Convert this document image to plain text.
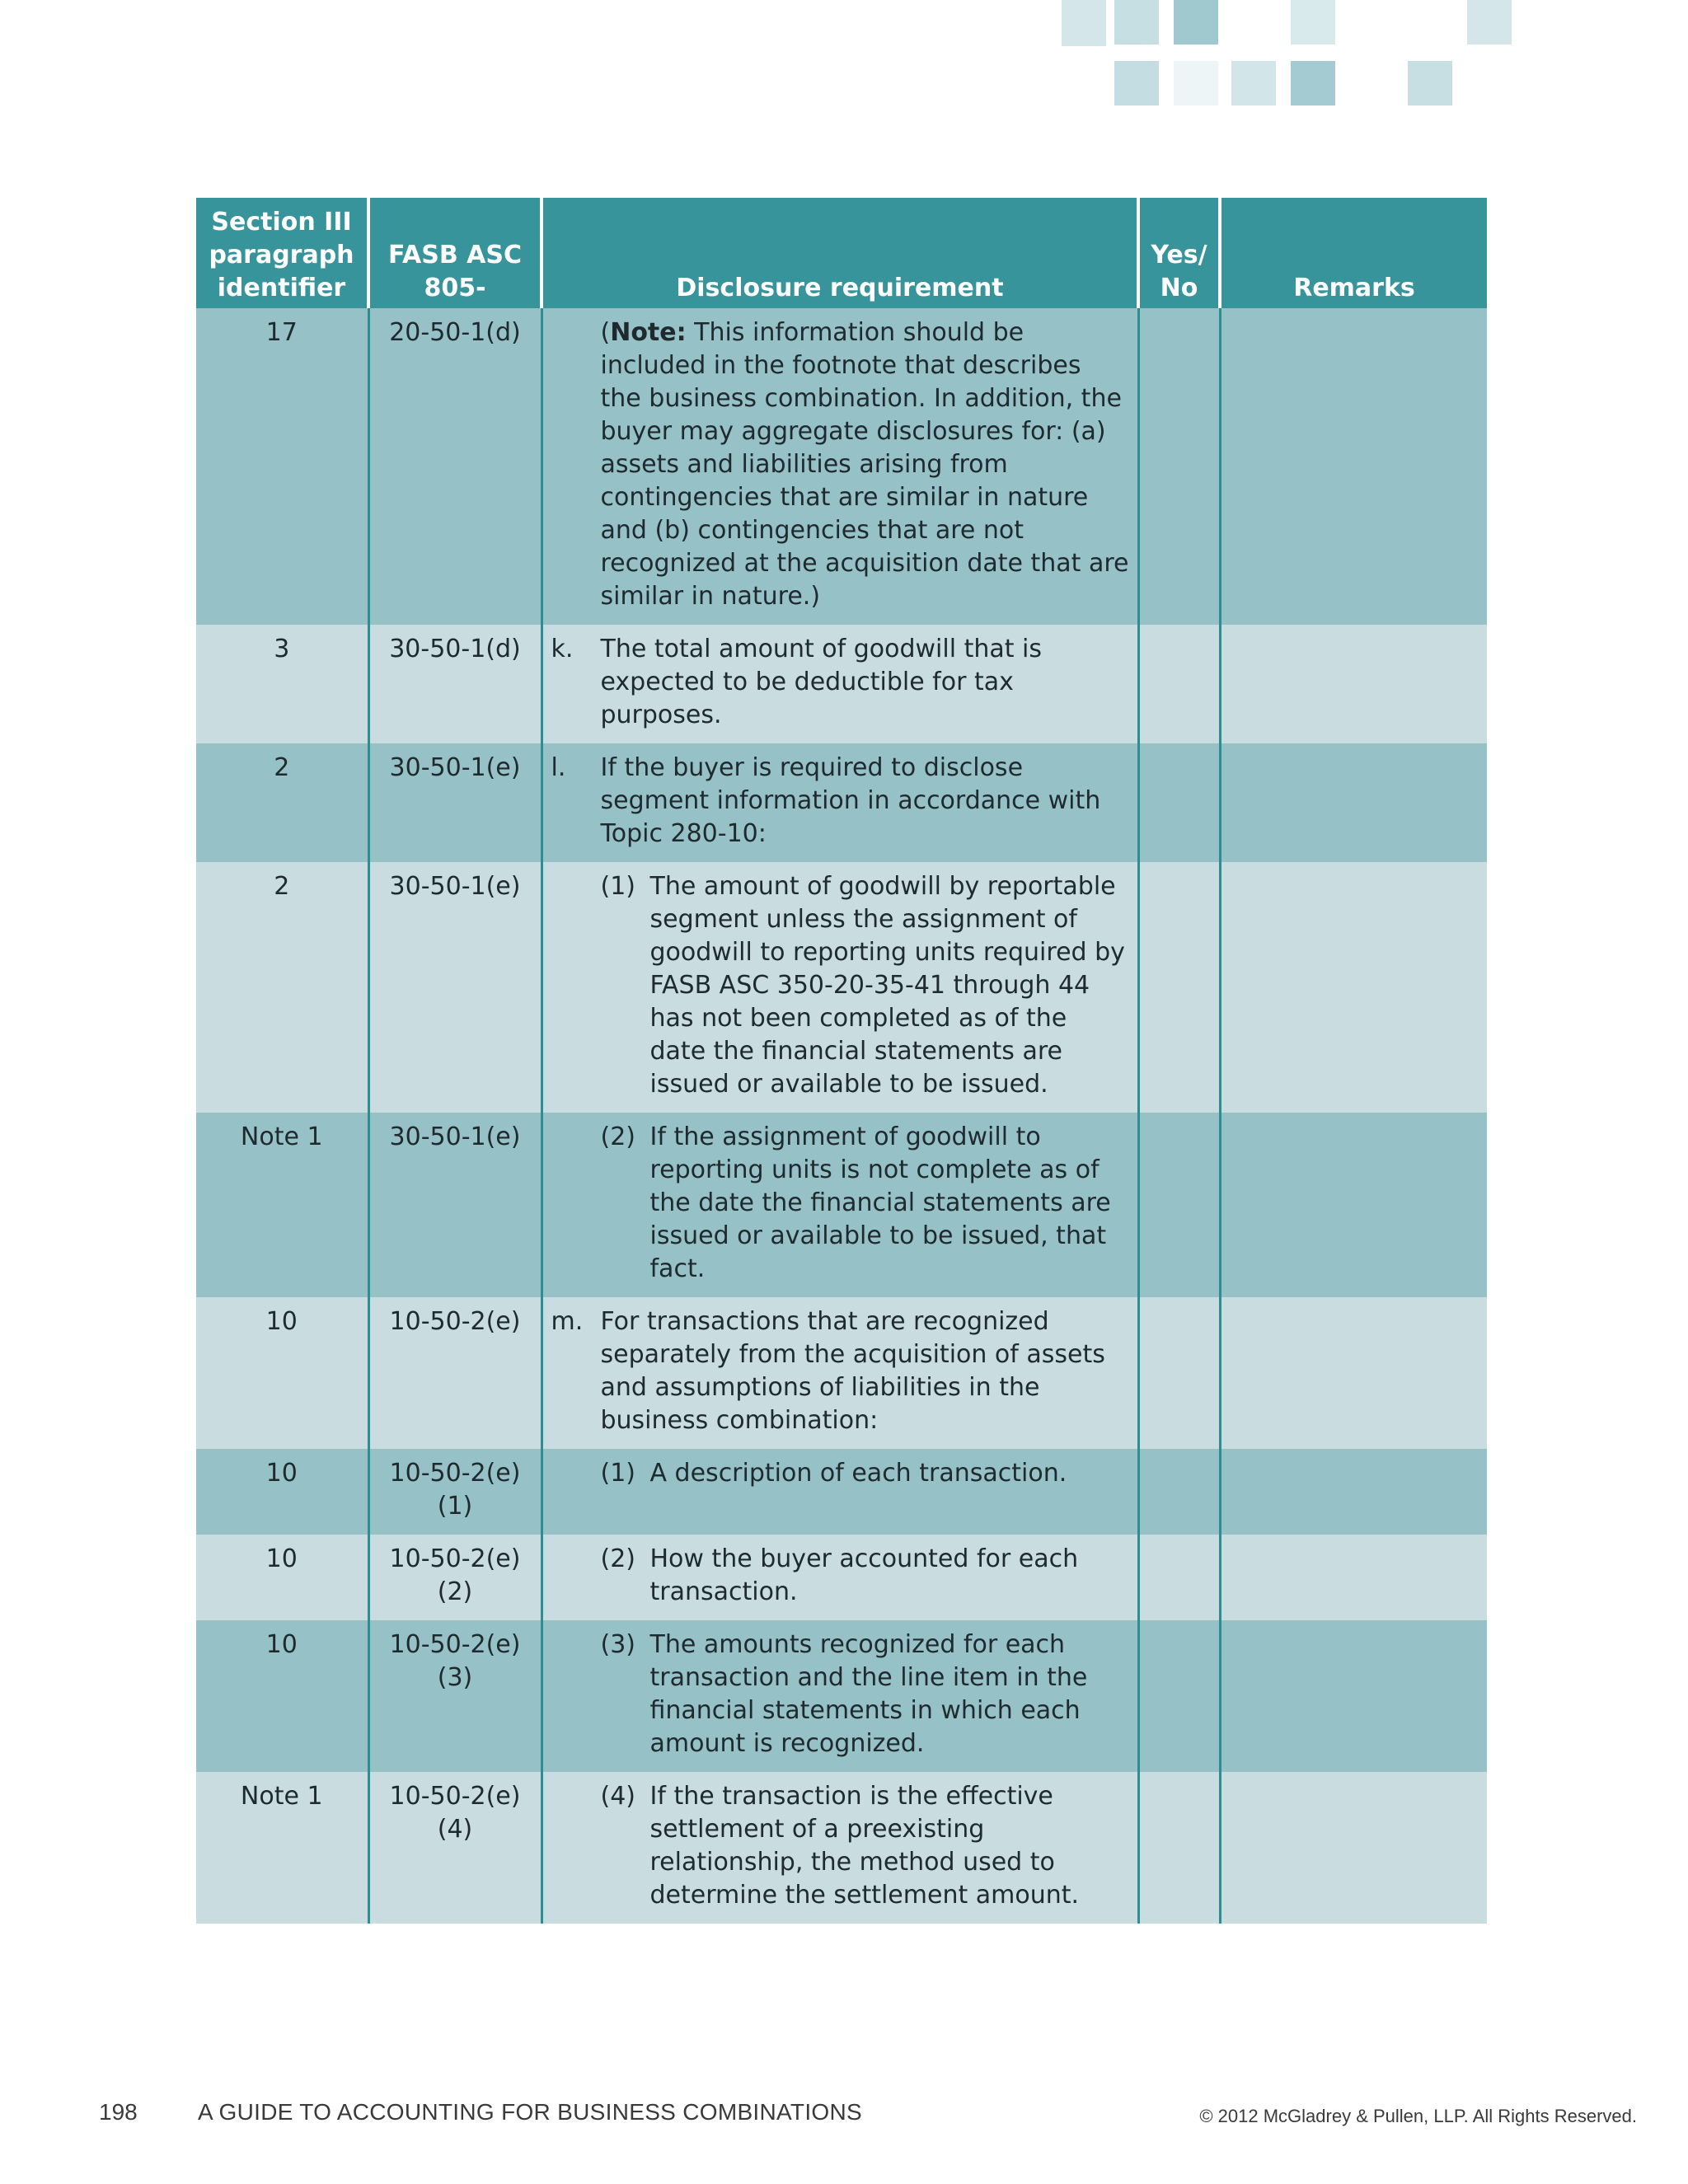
Section III paragraph identifier	FASB ASC 805-	Disclosure requirement	Yes/ No	Remarks
17	20-50-1(d)	(Note: This information should be included in the footnote that describes the business combination. In addition, the buyer may aggregate disclosures for: (a) assets and liabilities arising from contingencies that are similar in nature and (b) contingencies that are not recognized at the acquisition date that are similar in nature.)		

3	30-50-1(d)	k. The total amount of goodwill that is expected to be deductible for tax purposes.		

2	30-50-1(e)	l. If the buyer is required to disclose segment information in accordance with Topic 280-10:		

2	30-50-1(e)	(1) The amount of goodwill by reportable segment unless the assignment of goodwill to reporting units required by FASB ASC 350-20-35-41 through 44 has not been completed as of the date the financial statements are issued or available to be issued.		

Note 1	30-50-1(e)	(2) If the assignment of goodwill to reporting units is not complete as of the date the financial statements are issued or available to be issued, that fact.		

10	10-50-2(e)	m. For transactions that are recognized separately from the acquisition of assets and assumptions of liabilities in the business combination:		

10	10-50-2(e)(1)	(1) A description of each transaction.		

10	10-50-2(e)(2)	(2) How the buyer accounted for each transaction.		

10	10-50-2(e)(3)	(3) The amounts recognized for each transaction and the line item in the financial statements in which each amount is recognized.		

Note 1	10-50-2(e)(4)	(4) If the transaction is the effective settlement of a preexisting relationship, the method used to determine the settlement amount.		

198	A GUIDE TO ACCOUNTING FOR BUSINESS COMBINATIONS	© 2012 McGladrey & Pullen, LLP. All Rights Reserved.
